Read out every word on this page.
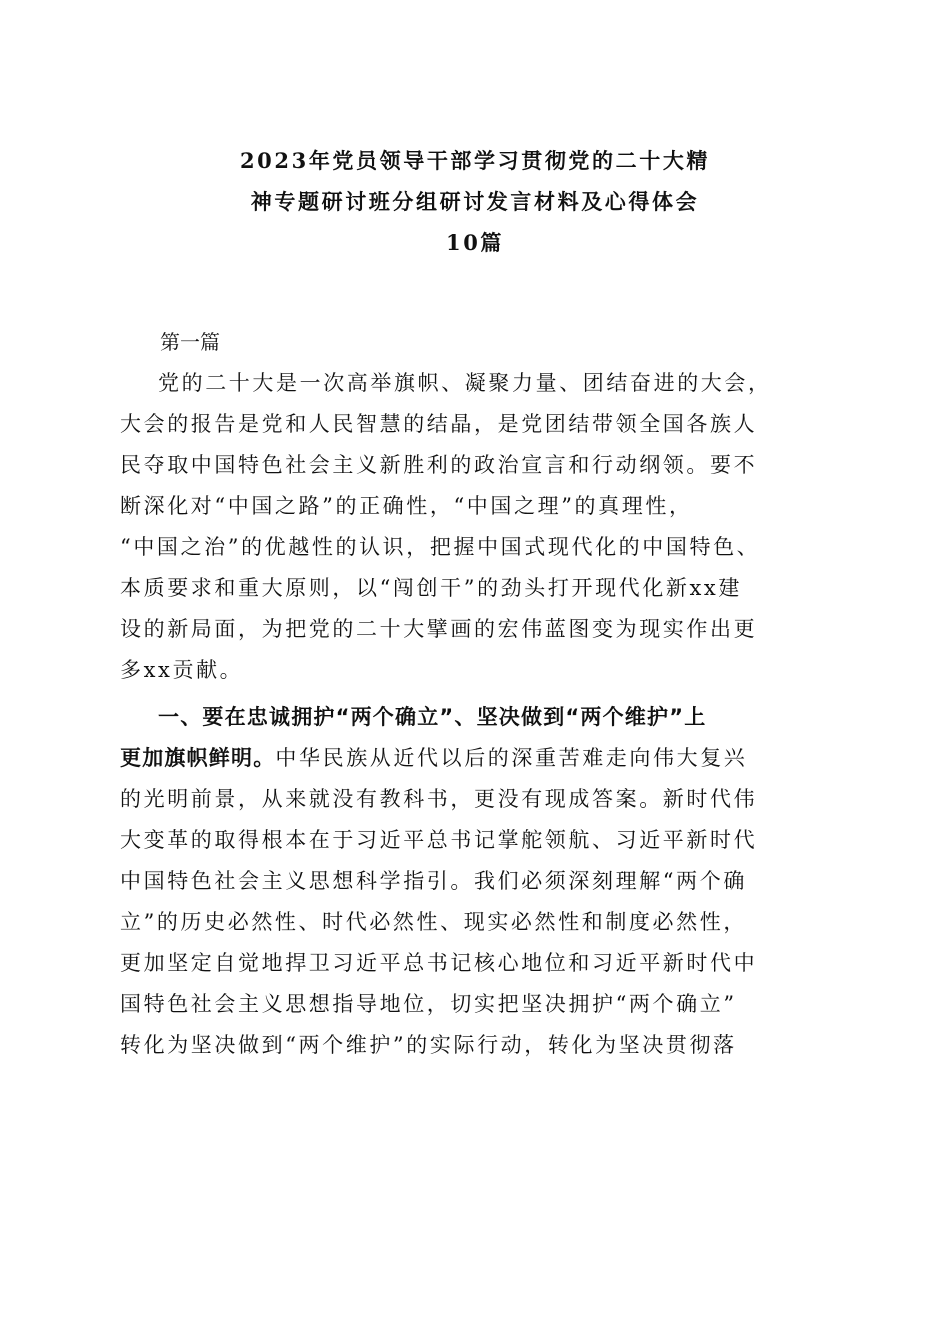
2023年党员领导干部学习贯彻党的二十大精
神专题研讨班分组研讨发言材料及心得体会
10篇
第一篇
党的二十大是一次高举旗帜、凝聚力量、团结奋进的大会，
大会的报告是党和人民智慧的结晶，是党团结带领全国各族人
民夺取中国特色社会主义新胜利的政治宣言和行动纲领。要不
断深化对“中国之路”的正确性，“中国之理”的真理性，
“中国之治”的优越性的认识，把握中国式现代化的中国特色、
本质要求和重大原则，以“闯创干”的劲头打开现代化新xx建
设的新局面，为把党的二十大擘画的宏伟蓝图变为现实作出更
多xx贡献。
一、要在忠诚拥护“两个确立”、坚决做到“两个维护”上
更加旗帜鲜明。中华民族从近代以后的深重苦难走向伟大复兴
的光明前景，从来就没有教科书，更没有现成答案。新时代伟
大变革的取得根本在于习近平总书记掌舵领航、习近平新时代
中国特色社会主义思想科学指引。我们必须深刻理解“两个确
立”的历史必然性、时代必然性、现实必然性和制度必然性，
更加坚定自觉地捍卫习近平总书记核心地位和习近平新时代中
国特色社会主义思想指导地位，切实把坚决拥护“两个确立”
转化为坚决做到“两个维护”的实际行动，转化为坚决贯彻落
